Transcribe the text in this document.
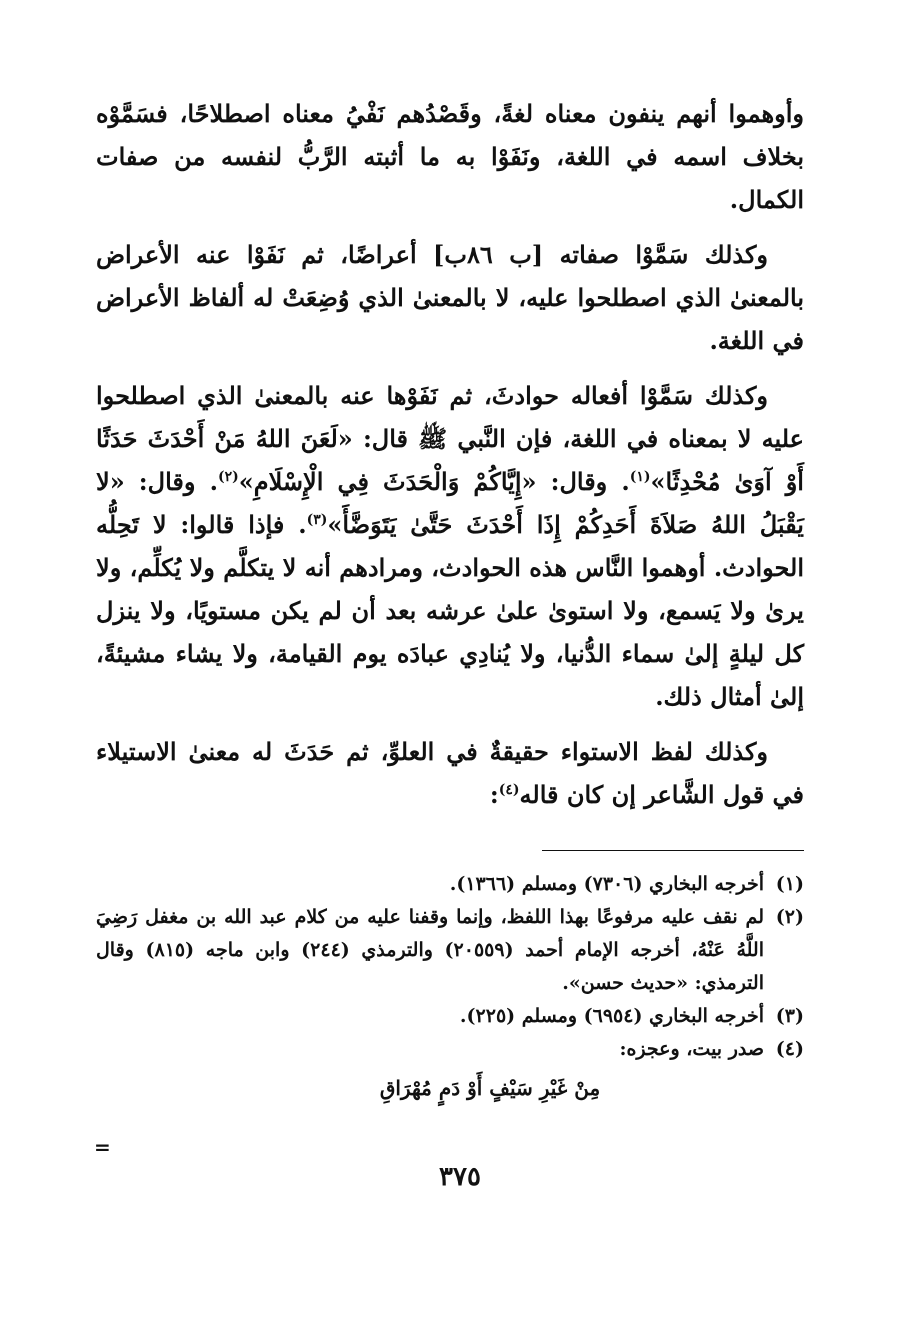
وأوهموا أنهم ينفون معناه لغةً، وقَصْدُهم نَفْيُ معناه اصطلاحًا، فسَمَّوْه بخلاف اسمه في اللغة، ونَفَوْا به ما أثبته الرَّبُّ لنفسه من صفات الكمال.

وكذلك سَمَّوْا صفاته [ب ٨٦ب] أعراضًا، ثم نَفَوْا عنه الأعراض بالمعنىٰ الذي اصطلحوا عليه، لا بالمعنىٰ الذي وُضِعَتْ له ألفاظ الأعراض في اللغة.

وكذلك سَمَّوْا أفعاله حوادثَ، ثم نَفَوْها عنه بالمعنىٰ الذي اصطلحوا عليه لا بمعناه في اللغة، فإن النَّبي ﷺ قال: «لَعَنَ اللهُ مَنْ أَحْدَثَ حَدَثًا أَوْ آوَىٰ مُحْدِثًا»$^{(١)}$. وقال: «إِيَّاكُمْ وَالْحَدَثَ فِي الْإِسْلَامِ»$^{(٢)}$. وقال: «لا يَقْبَلُ اللهُ صَلاَةَ أَحَدِكُمْ إِذَا أَحْدَثَ حَتَّىٰ يَتَوَضَّأَ»$^{(٣)}$. فإذا قالوا: لا تَحِلُّه الحوادث. أوهموا النَّاس هذه الحوادث، ومرادهم أنه لا يتكلَّم ولا يُكلِّم، ولا يرىٰ ولا يَسمع، ولا استوىٰ علىٰ عرشه بعد أن لم يكن مستويًا، ولا ينزل كل ليلةٍ إلىٰ سماء الدُّنيا، ولا يُنادِي عبادَه يوم القيامة، ولا يشاء مشيئةً، إلىٰ أمثال ذلك.

وكذلك لفظ الاستواء حقيقةٌ في العلوِّ، ثم حَدَثَ له معنىٰ الاستيلاء في قول الشَّاعر إن كان قاله$^{(٤)}$:

(١)
أخرجه البخاري (٧٣٠٦) ومسلم (١٣٦٦).
(٢)
لم نقف عليه مرفوعًا بهذا اللفظ، وإنما وقفنا عليه من كلام عبد الله بن مغفل رَضِيَ اللَّهُ عَنْهُ، أخرجه الإمام أحمد (٢٠٥٥٩) والترمذي (٢٤٤) وابن ماجه (٨١٥) وقال الترمذي: «حديث حسن».
(٣)
أخرجه البخاري (٦٩٥٤) ومسلم (٢٢٥).
(٤)
صدر بيت، وعجزه:
مِنْ غَيْرِ سَيْفٍ أَوْ دَمٍ مُهْرَاقِ
=
٣٧٥
